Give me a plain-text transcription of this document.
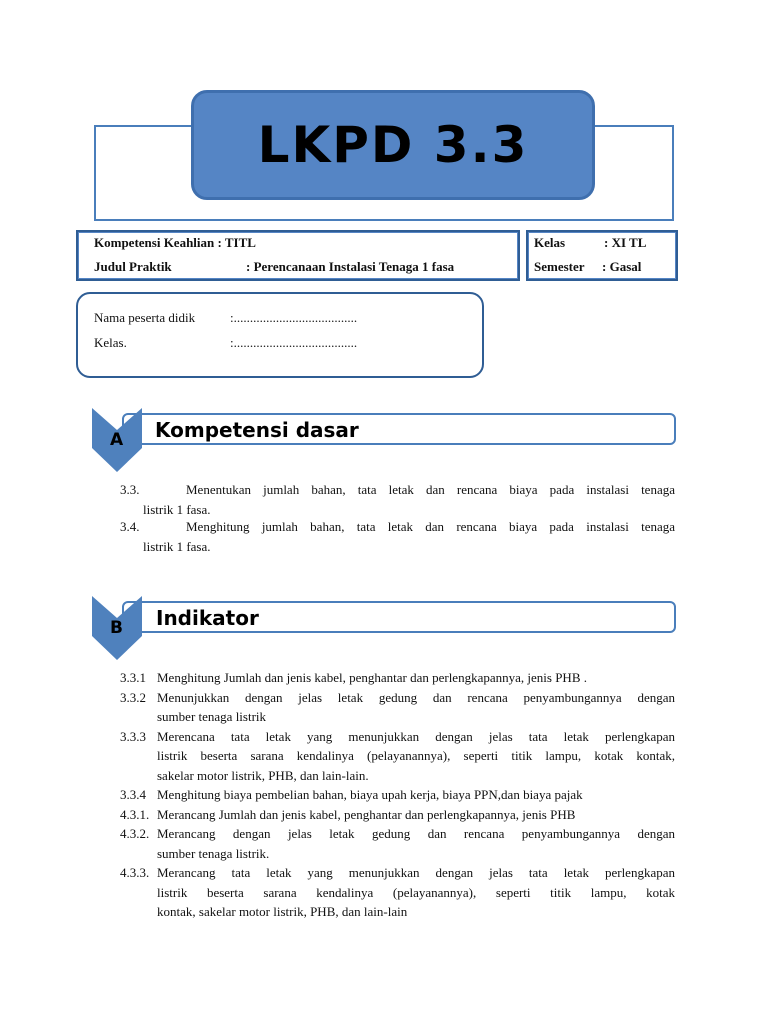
LKPD 3.3
Kompetensi Keahlian : TITL
Judul Praktik	: Perencanaan Instalasi Tenaga 1 fasa
Kelas	: XI TL
Semester : Gasal
Nama peserta didik	:......................................
Kelas.	:......................................
A Kompetensi dasar
3.3.	Menentukan jumlah bahan, tata letak dan rencana biaya pada instalasi tenaga
listrik 1 fasa.
3.4.	Menghitung jumlah bahan, tata letak dan rencana biaya pada instalasi tenaga
listrik 1 fasa.
B Indikator
3.3.1 Menghitung Jumlah dan jenis kabel, penghantar dan perlengkapannya, jenis PHB .
3.3.2 Menunjukkan dengan jelas letak gedung dan rencana penyambungannya dengan
sumber tenaga listrik
3.3.3 Merencana tata letak yang menunjukkan dengan jelas tata letak perlengkapan
listrik beserta sarana kendalinya (pelayanannya), seperti titik lampu, kotak kontak,
sakelar motor listrik, PHB, dan lain-lain.
3.3.4 Menghitung biaya pembelian bahan, biaya upah kerja, biaya PPN,dan biaya pajak
4.3.1. Merancang Jumlah dan jenis kabel, penghantar dan perlengkapannya, jenis PHB
4.3.2. Merancang dengan jelas letak gedung dan rencana penyambungannya dengan
sumber tenaga listrik.
4.3.3. Merancang tata letak yang menunjukkan dengan jelas tata letak perlengkapan
listrik beserta sarana kendalinya (pelayanannya), seperti titik lampu, kotak
kontak, sakelar motor listrik, PHB, dan lain-lain
